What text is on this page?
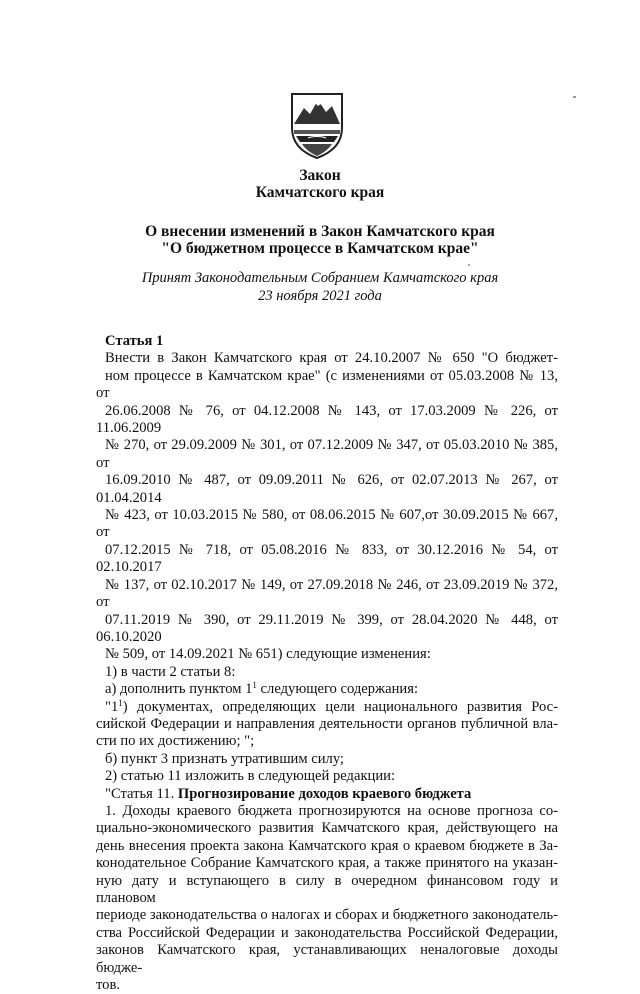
Закон
Камчатского края
О внесении изменений в Закон Камчатского края
"О бюджетном процессе в Камчатском крае"
Принят Законодательным Собранием Камчатского края
23 ноября 2021 года

Статья 1

Внести в Закон Камчатского края от 24.10.2007 № 650 "О бюджет-
ном процессе в Камчатском крае" (с изменениями от 05.03.2008 № 13, от
26.06.2008 № 76, от 04.12.2008 № 143, от 17.03.2009 № 226, от 11.06.2009
№ 270, от 29.09.2009 № 301, от 07.12.2009 № 347, от 05.03.2010 № 385, от
16.09.2010 № 487, от 09.09.2011 № 626, от 02.07.2013 № 267, от 01.04.2014
№ 423, от 10.03.2015 № 580, от 08.06.2015 № 607,от 30.09.2015 № 667, от
07.12.2015 № 718, от 05.08.2016 № 833, от 30.12.2016 № 54, от 02.10.2017
№ 137, от 02.10.2017 № 149, от 27.09.2018 № 246, от 23.09.2019 № 372, от
07.11.2019 № 390, от 29.11.2019 № 399, от 28.04.2020 № 448, от 06.10.2020
№ 509, от 14.09.2021 № 651) следующие изменения:

1) в части 2 статьи 8:

а) дополнить пунктом $1^1$ следующего содержания:

"$1^1$) документах, определяющих цели национального развития Рос-
сийской Федерации и направления деятельности органов публичной вла-
сти по их достижению; ";

б) пункт 3 признать утратившим силу;

2) статью 11 изложить в следующей редакции:

"Статья 11. Прогнозирование доходов краевого бюджета

1. Доходы краевого бюджета прогнозируются на основе прогноза со-
циально-экономического развития Камчатского края, действующего на
день внесения проекта закона Камчатского края о краевом бюджете в За-
конодательное Собрание Камчатского края, а также принятого на указан-
ную дату и вступающего в силу в очередном финансовом году и плановом
периоде законодательства о налогах и сборах и бюджетного законодатель-
ства Российской Федерации и законодательства Российской Федерации,
законов Камчатского края, устанавливающих неналоговые доходы бюдже-
тов.
